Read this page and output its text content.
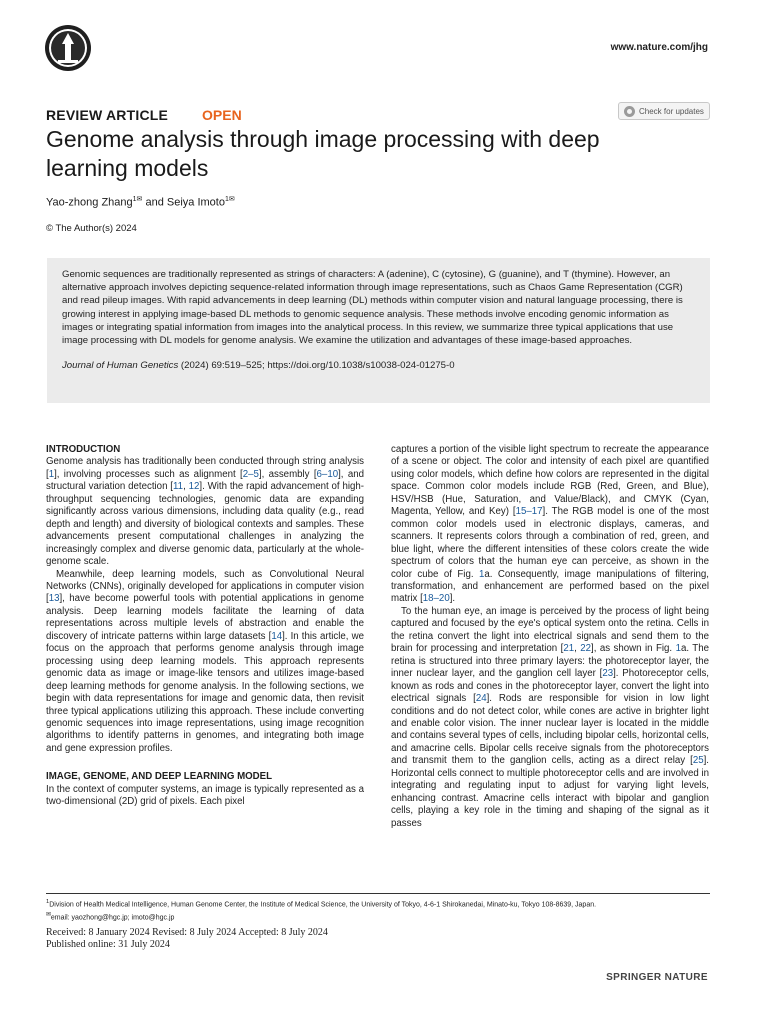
www.nature.com/jhg
REVIEW ARTICLE OPEN	Check for updates
Genome analysis through image processing with deep learning models
Yao-zhong Zhang$^{1✉}$ and Seiya Imoto$^{1✉}$
© The Author(s) 2024

Genomic sequences are traditionally represented as strings of characters: A (adenine), C (cytosine), G (guanine), and T (thymine). However, an alternative approach involves depicting sequence-related information through image representations, such as Chaos Game Representation (CGR) and read pileup images. With rapid advancements in deep learning (DL) methods within computer vision and natural language processing, there is growing interest in applying image-based DL methods to genomic sequence analysis. These methods involve encoding genomic information as images or integrating spatial information from images into the analytical process. In this review, we summarize three typical applications that use image processing with DL models for genome analysis. We examine the utilization and advantages of these image-based approaches.

Journal of Human Genetics (2024) 69:519–525; https://doi.org/10.1038/s10038-024-01275-0

INTRODUCTION

Genome analysis has traditionally been conducted through string analysis [1], involving processes such as alignment [2–5], assembly [6–10], and structural variation detection [11, 12]. With the rapid advancement of high-throughput sequencing technologies, genomic data are expanding significantly across various dimensions, including data quality (e.g., read depth and length) and diversity of biological contexts and samples. These advancements present computational challenges in analyzing the increasingly complex and diverse genomic data, particularly at the whole-genome scale.

Meanwhile, deep learning models, such as Convolutional Neural Networks (CNNs), originally developed for applications in computer vision [13], have become powerful tools with potential applications in genome analysis. Deep learning models facilitate the learning of data representations across multiple levels of abstraction and enable the discovery of intricate patterns within large datasets [14]. In this article, we focus on the approach that performs genome analysis through image processing using deep learning models. This approach represents genomic data as image or image-like tensors and utilizes image-based deep learning methods for genome analysis. In the following sections, we begin with data representations for image and genomic data, then revisit three typical applications utilizing this approach. These include converting genomic sequences into image representations, using image recognition algorithms to identify patterns in genomes, and integrating both image and gene expression profiles.

IMAGE, GENOME, AND DEEP LEARNING MODEL

In the context of computer systems, an image is typically represented as a two-dimensional (2D) grid of pixels. Each pixel

captures a portion of the visible light spectrum to recreate the appearance of a scene or object. The color and intensity of each pixel are quantified using color models, which define how colors are represented in the digital space. Common color models include RGB (Red, Green, and Blue), HSV/HSB (Hue, Saturation, and Value/Black), and CMYK (Cyan, Magenta, Yellow, and Key) [15–17]. The RGB model is one of the most common color models used in electronic displays, cameras, and scanners. It represents colors through a combination of red, green, and blue light, where the different intensities of these colors create the wide spectrum of colors that the human eye can perceive, as shown in the color cube of Fig. 1a. Consequently, image manipulations of filtering, transformation, and enhancement are performed based on the pixel matrix [18–20].

To the human eye, an image is perceived by the process of light being captured and focused by the eye's optical system onto the retina. Cells in the retina convert the light into electrical signals and send them to the brain for processing and interpretation [21, 22], as shown in Fig. 1a. The retina is structured into three primary layers: the photoreceptor layer, the inner nuclear layer, and the ganglion cell layer [23]. Photoreceptor cells, known as rods and cones in the photoreceptor layer, convert the light into electrical signals [24]. Rods are responsible for vision in low light conditions and do not detect color, while cones are active in brighter light and enable color vision. The inner nuclear layer is located in the middle and contains several types of cells, including bipolar cells, horizontal cells, and amacrine cells. Bipolar cells receive signals from the photoreceptors and transmit them to the ganglion cells, acting as a direct relay [25]. Horizontal cells connect to multiple photoreceptor cells and are involved in integrating and regulating input to adjust for varying light levels, enhancing contrast. Amacrine cells interact with bipolar and ganglion cells, playing a key role in the timing and shaping of the signal as it passes

$^1$Division of Health Medical Intelligence, Human Genome Center, the Institute of Medical Science, the University of Tokyo, 4-6-1 Shirokanedai, Minato-ku, Tokyo 108-8639, Japan.
✉email: yaozhong@hgc.jp; imoto@hgc.jp
Received: 8 January 2024 Revised: 8 July 2024 Accepted: 8 July 2024
Published online: 31 July 2024
SPRINGER NATURE
